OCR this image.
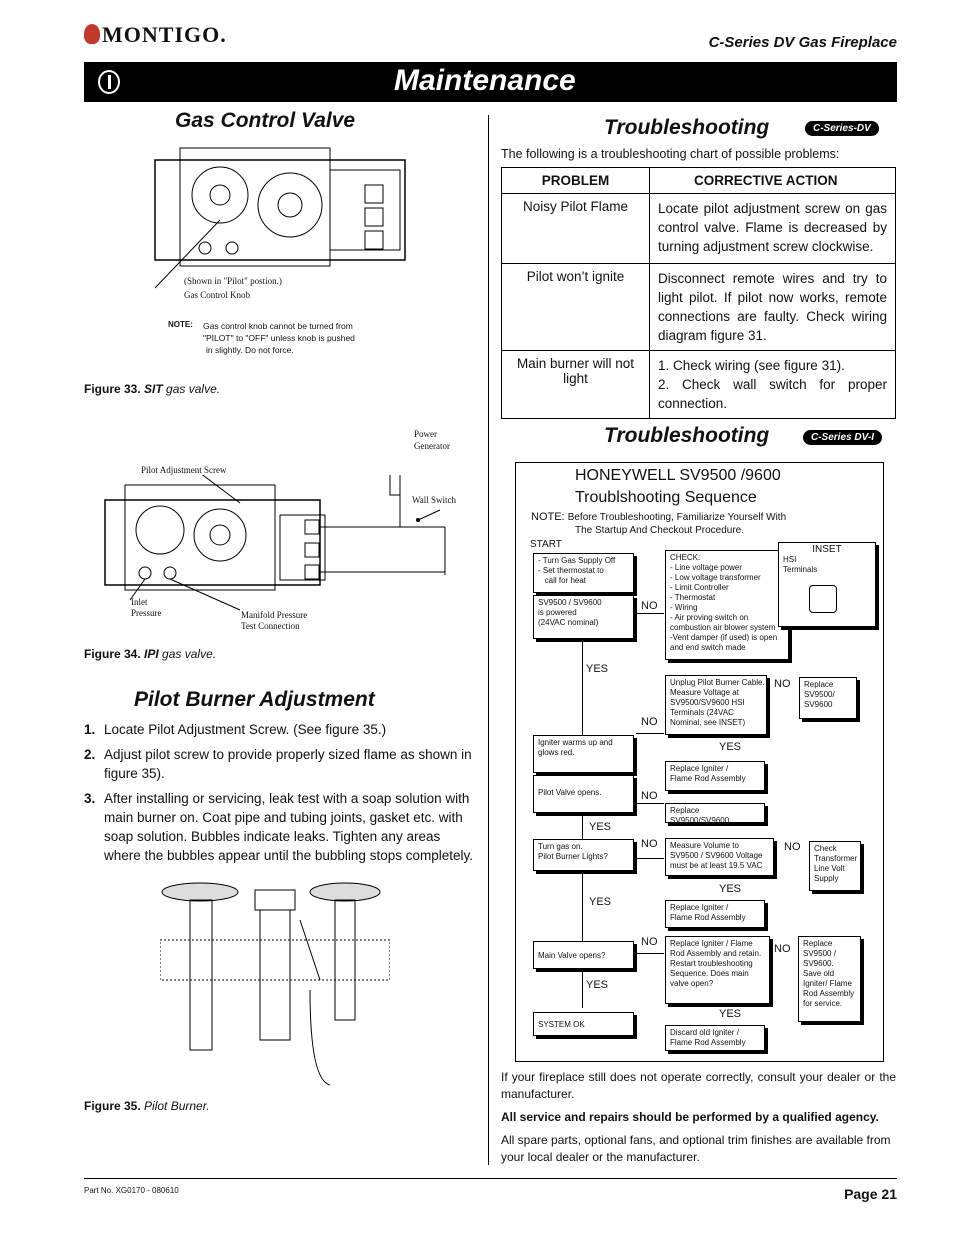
MONTIGO.	C-Series DV Gas Fireplace
Maintenance
Gas Control Valve
(Shown in "Pilot" postion.)
Gas Control Knob
NOTE: Gas control knob cannot be turned from
"PILOT" to "OFF" unless knob is pushed
in slightly. Do not force.
Figure 33. SIT gas valve.
Pilot Adjustment Screw
Power
Generator
Wall Switch
Inlet
Pressure	Manifold Pressure
Test Connection
Figure 34. IPI gas valve.
Pilot Burner Adjustment
1. Locate Pilot Adjustment Screw. (See figure 35.)
2. Adjust pilot screw to provide properly sized flame as shown in figure 35).
3. After installing or servicing, leak test with a soap solution with main burner on. Coat pipe and tubing joints, gasket etc. with soap solution. Bubbles indicate leaks. Tighten any areas where the bubbles appear until the bubbling stops completely.
Figure 35. Pilot Burner.
Troubleshooting	C-Series-DV
The following is a troubleshooting chart of possible problems:
PROBLEM	CORRECTIVE ACTION
Noisy Pilot Flame	Locate pilot adjustment screw on gas control valve. Flame is decreased by turning adjustment screw clockwise.
Pilot won’t ignite	Disconnect remote wires and try to light pilot. If pilot now works, remote connections are faulty. Check wiring diagram figure 31.
Main burner will not light	1. Check wiring (see figure 31).
2. Check wall switch for proper connection.
Troubleshooting	C-Series DV-I
HONEYWELL SV9500 /9600
Troublshooting Sequence
NOTE: Before Troubleshooting, Familiarize Yourself With
The Startup And Checkout Procedure.
START
- Turn Gas Supply Off
- Set thermostat to
call for heat
SV9500 / SV9600
is powered
(24VAC nominal)
CHECK:
- Line voltage power
- Low voltage transformer
- Limit Controller
- Thermostat
- Wiring
- Air proving switch on
combustion air blower system
-Vent damper (if used) is open
and end switch made
INSET
HSI
Terminals
NO
YES
Unplug Pilot Burner Cable.
Measure Voltage at
SV9500/SV9600 HSI
Terminals (24VAC
Nominal, see INSET)
NO	Replace
SV9500/
SV9600
NO
YES
Igniter warms up and
glows red.
Pilot Valve opens.
Replace Igniter /
Flame Rod Assembly
NO
Replace SV9500/SV9600
YES
Turn gas on.
Pilot Burner Lights?
NO	Measure Volume to
SV9500 / SV9600 Voltage
must be at least 19.5 VAC
NO	Check
Transformer
Line Volt
Supply
YES
YES	Replace Igniter /
Flame Rod Assembly
NO
Main Valve opens?
Replace Igniter / Flame
Rod Assembly and retain.
Restart troubleshooting
Sequence. Does main
valve open?
NO	Replace
SV9500 /
SV9600.
Save old
Igniter/ Flame
Rod Assembly
for service.
YES
YES
SYSTEM OK
Discard old Igniter /
Flame Rod Assembly
If your fireplace still does not operate correctly, consult your dealer or the manufacturer.
All service and repairs should be performed by a qualified agency.
All spare parts, optional fans, and optional trim finishes are available from your local dealer or the manufacturer.
Part No. XG0170 - 080610	Page 21
